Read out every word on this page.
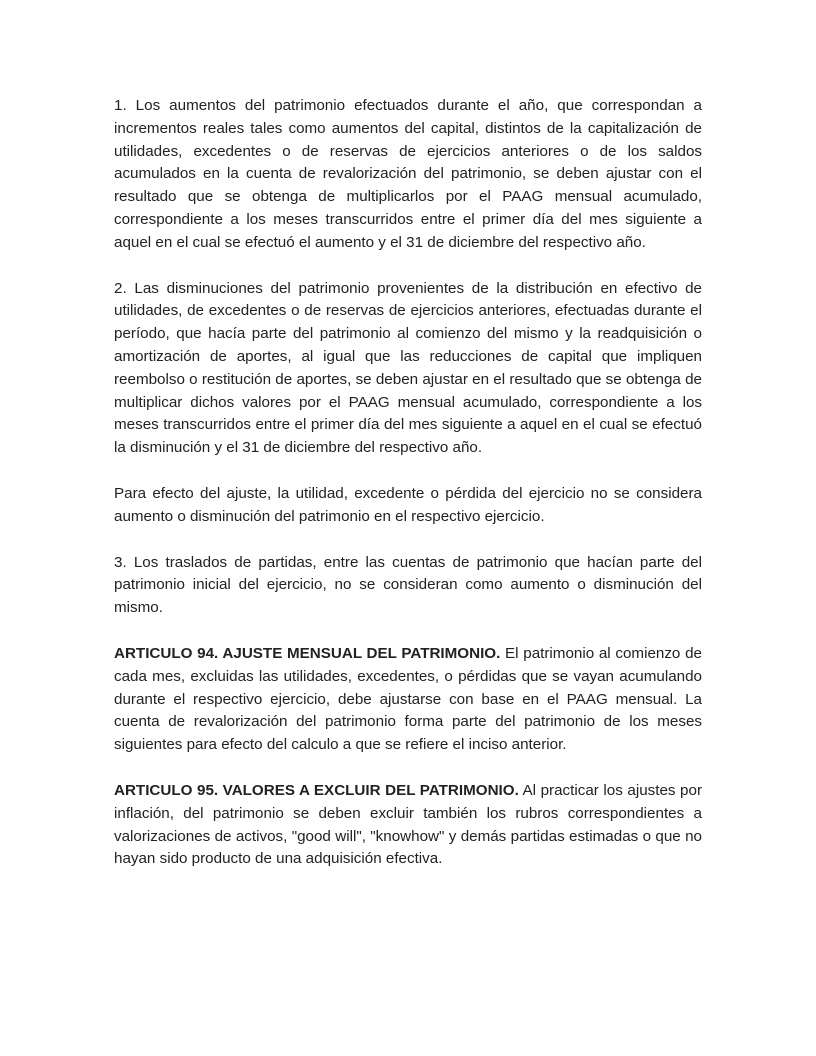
1. Los aumentos del patrimonio efectuados durante el año, que correspondan a incrementos reales tales como aumentos del capital, distintos de la capitalización de utilidades, excedentes o de reservas de ejercicios anteriores o de los saldos acumulados en la cuenta de revalorización del patrimonio, se deben ajustar con el resultado que se obtenga de multiplicarlos por el PAAG mensual acumulado, correspondiente a los meses transcurridos entre el primer día del mes siguiente a aquel en el cual se efectuó el aumento y el 31 de diciembre del respectivo año.

2. Las disminuciones del patrimonio provenientes de la distribución en efectivo de utilidades, de excedentes o de reservas de ejercicios anteriores, efectuadas durante el período, que hacía parte del patrimonio al comienzo del mismo y la readquisición o amortización de aportes, al igual que las reducciones de capital que impliquen reembolso o restitución de aportes, se deben ajustar en el resultado que se obtenga de multiplicar dichos valores por el PAAG mensual acumulado, correspondiente a los meses transcurridos entre el primer día del mes siguiente a aquel en el cual se efectuó la disminución y el 31 de diciembre del respectivo año.

Para efecto del ajuste, la utilidad, excedente o pérdida del ejercicio no se considera aumento o disminución del patrimonio en el respectivo ejercicio.

3. Los traslados de partidas, entre las cuentas de patrimonio que hacían parte del patrimonio inicial del ejercicio, no se consideran como aumento o disminución del mismo.

ARTICULO 94. AJUSTE MENSUAL DEL PATRIMONIO. El patrimonio al comienzo de cada mes, excluidas las utilidades, excedentes, o pérdidas que se vayan acumulando durante el respectivo ejercicio, debe ajustarse con base en el PAAG mensual. La cuenta de revalorización del patrimonio forma parte del patrimonio de los meses siguientes para efecto del calculo a que se refiere el inciso anterior.

ARTICULO 95. VALORES A EXCLUIR DEL PATRIMONIO. Al practicar los ajustes por inflación, del patrimonio se deben excluir también los rubros correspondientes a valorizaciones de activos, "good will", "knowhow" y demás partidas estimadas o que no hayan sido producto de una adquisición efectiva.
